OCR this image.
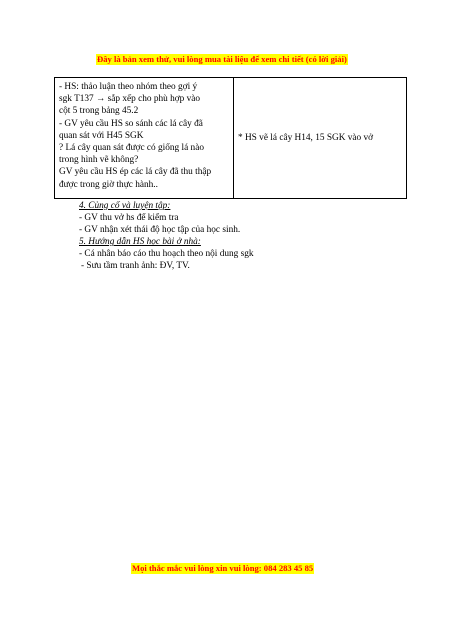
Đây là bản xem thử, vui lòng mua tài liệu để xem chi tiết (có lời giải)
- HS: thảo luận theo nhóm theo gợi ý
sgk T137 → sắp xếp cho phù hợp vào
cột 5 trong bảng 45.2
- GV yêu cầu HS so sánh các lá cây đã
quan sát với H45 SGK
? Lá cây quan sát được có giống lá nào
trong hình vẽ không?
GV yêu cầu HS ép các lá cây đã thu thập
được trong giờ thực hành..
	* HS vẽ lá cây H14, 15 SGK vào vở
4. Củng cố và luyện tập:
- GV thu vở hs để kiểm tra
- GV nhận xét thái độ học tập của học sinh.
5. Hướng dẫn HS học bài ở nhà:
- Cá nhân báo cáo thu hoạch theo nội dung sgk
- Sưu tầm tranh ảnh: ĐV, TV.
Mọi thắc mắc vui lòng xin vui lòng: 084 283 45 85
